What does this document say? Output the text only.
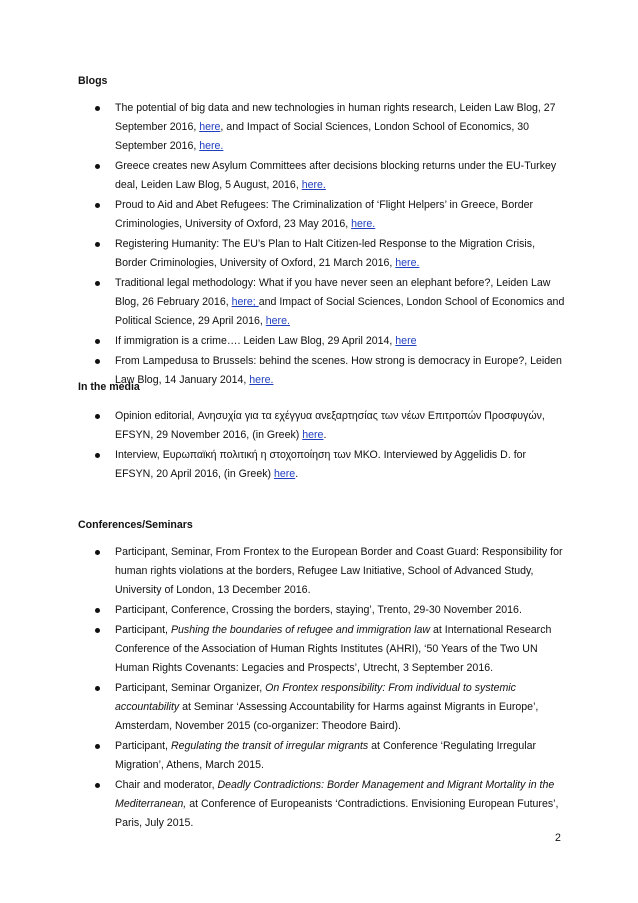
Blogs
The potential of big data and new technologies in human rights research, Leiden Law Blog, 27 September 2016, here, and Impact of Social Sciences, London School of Economics, 30 September 2016, here.
Greece creates new Asylum Committees after decisions blocking returns under the EU-Turkey deal, Leiden Law Blog, 5 August, 2016, here.
Proud to Aid and Abet Refugees: The Criminalization of ‘Flight Helpers’ in Greece, Border Criminologies, University of Oxford, 23 May 2016, here.
Registering Humanity: The EU’s Plan to Halt Citizen-led Response to the Migration Crisis, Border Criminologies, University of Oxford, 21 March 2016, here.
Traditional legal methodology: What if you have never seen an elephant before?, Leiden Law Blog, 26 February 2016, here; and Impact of Social Sciences, London School of Economics and Political Science, 29 April 2016, here.
If immigration is a crime…. Leiden Law Blog, 29 April 2014, here
From Lampedusa to Brussels: behind the scenes. How strong is democracy in Europe?, Leiden Law Blog, 14 January 2014, here.
In the media
Opinion editorial, Ανησυχία για τα εχέγγυα ανεξαρτησίας των νέων Επιτροπών Προσφυγών, EFSYN, 29 November 2016, (in Greek) here.
Interview, Ευρωπαϊκή πολιτική η στοχοποίηση των ΜΚΟ. Interviewed by Aggelidis D. for EFSYN, 20 April 2016, (in Greek) here.
Conferences/Seminars
Participant, Seminar, From Frontex to the European Border and Coast Guard: Responsibility for human rights violations at the borders, Refugee Law Initiative, School of Advanced Study, University of London, 13 December 2016.
Participant, Conference, Crossing the borders, staying’, Trento, 29-30 November 2016.
Participant, Pushing the boundaries of refugee and immigration law at International Research Conference of the Association of Human Rights Institutes (AHRI), ‘50 Years of the Two UN Human Rights Covenants: Legacies and Prospects’, Utrecht, 3 September 2016.
Participant, Seminar Organizer, On Frontex responsibility: From individual to systemic accountability at Seminar ‘Assessing Accountability for Harms against Migrants in Europe’, Amsterdam, November 2015 (co-organizer: Theodore Baird).
Participant, Regulating the transit of irregular migrants at Conference ‘Regulating Irregular Migration’, Athens, March 2015.
Chair and moderator, Deadly Contradictions: Border Management and Migrant Mortality in the Mediterranean, at Conference of Europeanists ‘Contradictions. Envisioning European Futures’, Paris, July 2015.
2
